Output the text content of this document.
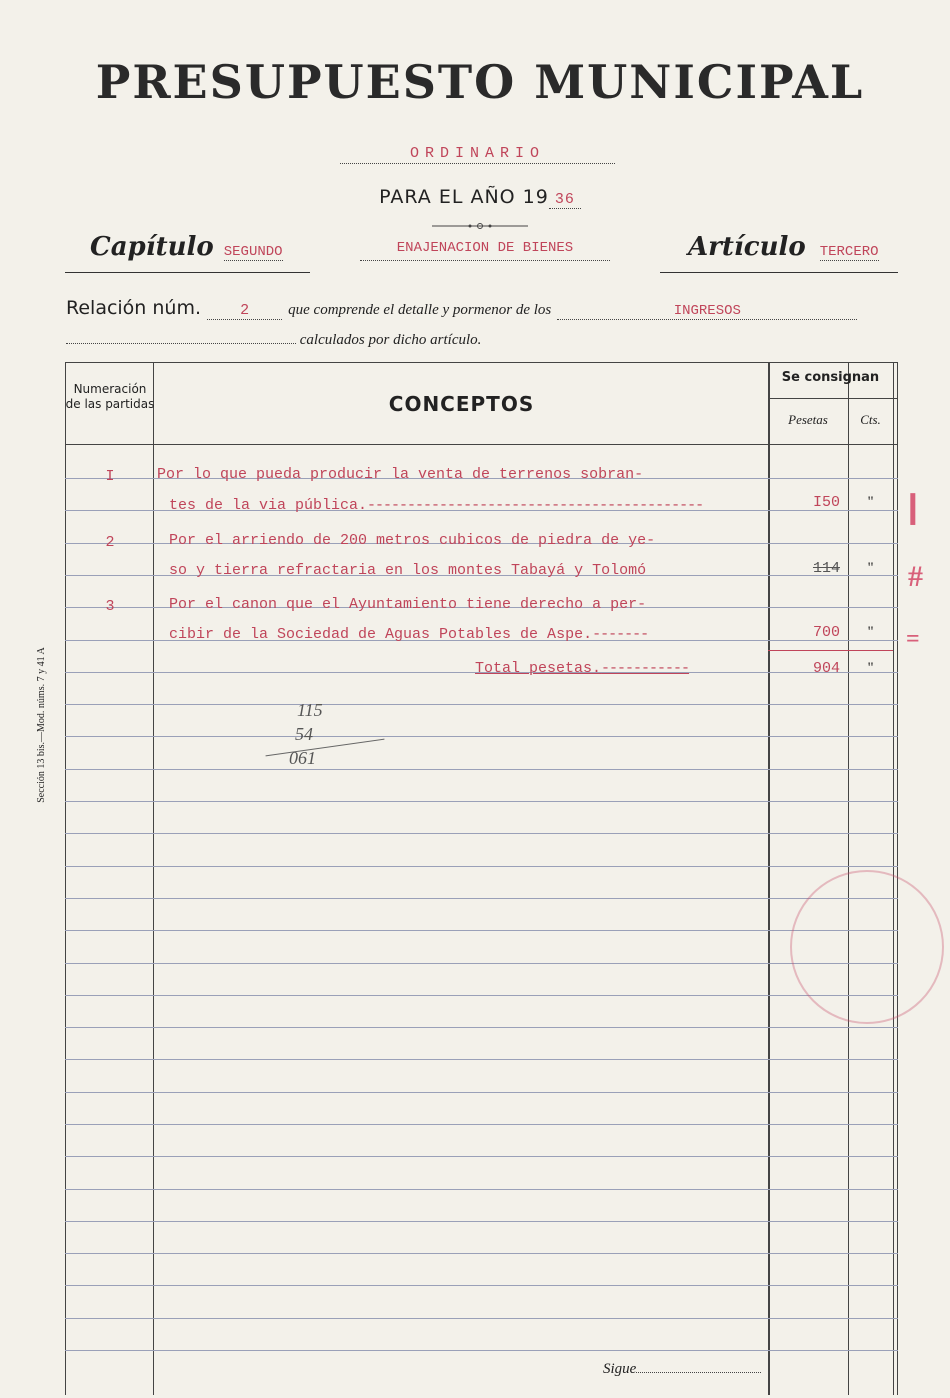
PRESUPUESTO MUNICIPAL
ORDINARIO
PARA EL AÑO 19 36
Capítulo SEGUNDO	ENAJENACION DE BIENES	Artículo TERCERO
Relación núm.	2	que comprende el detalle y pormenor de los	INGRESOS
calculados por dicho artículo.
Numeración de las partidas	CONCEPTOS
Se consignan
Pesetas	Cts.
I	Por lo que pueda producir la venta de terrenos sobran-
tes de la via pública.------------------------------------------	I50	"
2	Por el arriendo de 200 metros cubicos de piedra de ye-
so y tierra refractaria en los montes Tabayá y Tolomó	114	"
3	Por el canon que el Ayuntamiento tiene derecho a per-
cibir de la Sociedad de Aguas Potables de Aspe.-------	700	"
Total pesetas.-----------	904	"
115
54
061
Sigue
Sección 13 bis.—Mod. núms. 7 y 41 A
┃
#
=
